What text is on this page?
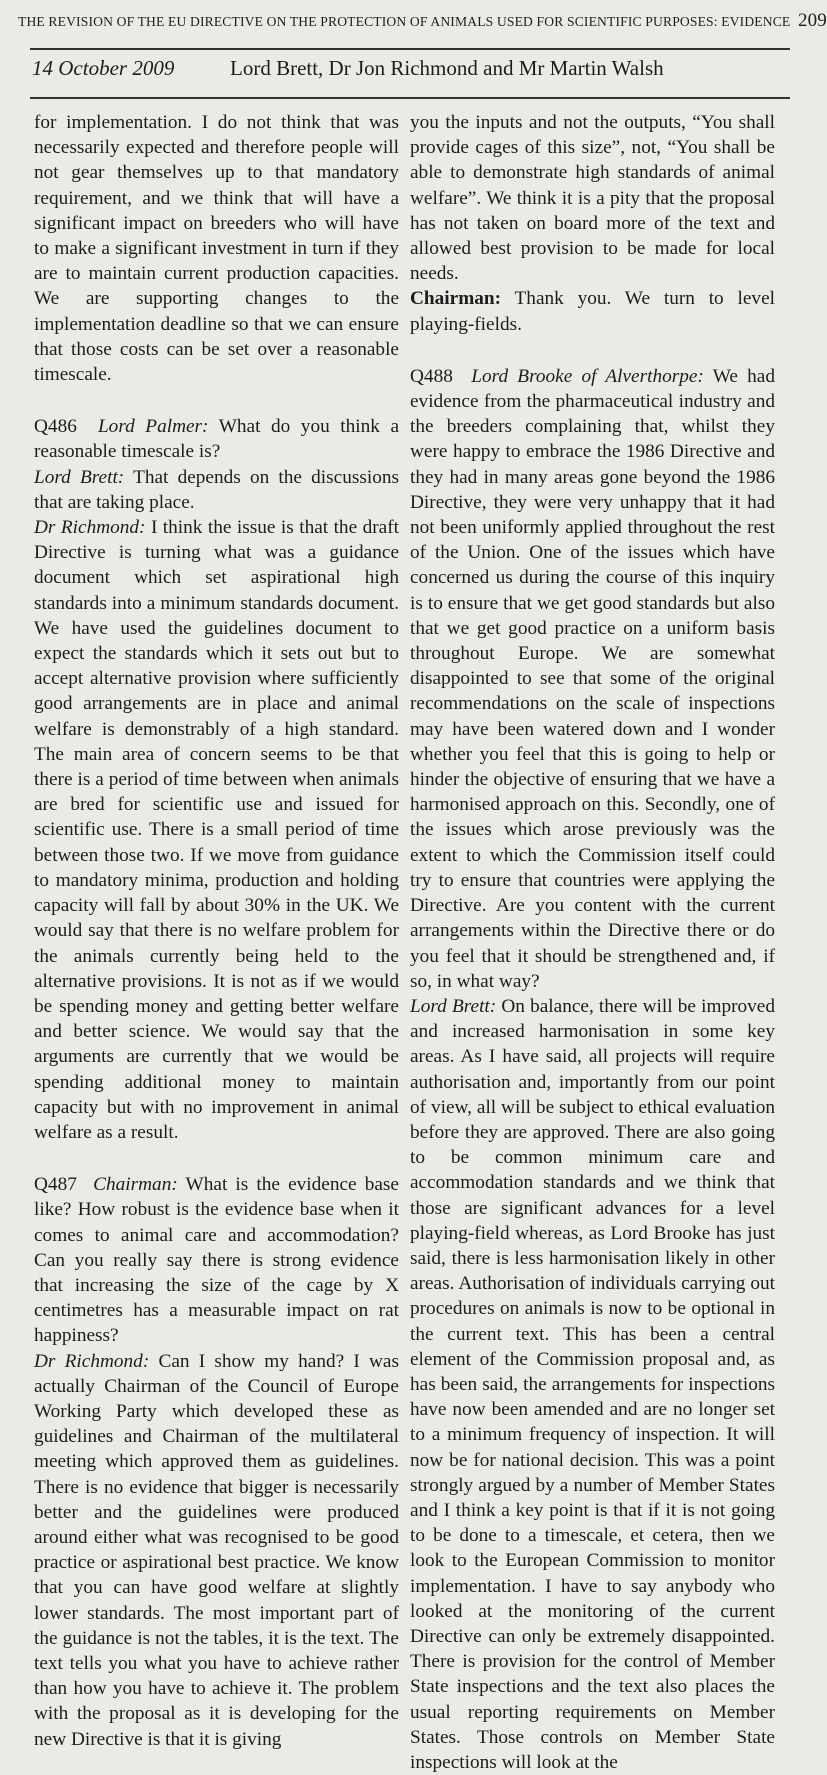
THE REVISION OF THE EU DIRECTIVE ON THE PROTECTION OF ANIMALS USED FOR SCIENTIFIC PURPOSES: EVIDENCE 209
14 October 2009	Lord Brett, Dr Jon Richmond and Mr Martin Walsh

for implementation. I do not think that was necessarily expected and therefore people will not gear themselves up to that mandatory requirement, and we think that will have a significant impact on breeders who will have to make a significant investment in turn if they are to maintain current production capacities. We are supporting changes to the implementation deadline so that we can ensure that those costs can be set over a reasonable timescale.

Q486 Lord Palmer: What do you think a reasonable timescale is?

Lord Brett: That depends on the discussions that are taking place.

Dr Richmond: I think the issue is that the draft Directive is turning what was a guidance document which set aspirational high standards into a minimum standards document. We have used the guidelines document to expect the standards which it sets out but to accept alternative provision where sufficiently good arrangements are in place and animal welfare is demonstrably of a high standard. The main area of concern seems to be that there is a period of time between when animals are bred for scientific use and issued for scientific use. There is a small period of time between those two. If we move from guidance to mandatory minima, production and holding capacity will fall by about 30% in the UK. We would say that there is no welfare problem for the animals currently being held to the alternative provisions. It is not as if we would be spending money and getting better welfare and better science. We would say that the arguments are currently that we would be spending additional money to maintain capacity but with no improvement in animal welfare as a result.

Q487 Chairman: What is the evidence base like? How robust is the evidence base when it comes to animal care and accommodation? Can you really say there is strong evidence that increasing the size of the cage by X centimetres has a measurable impact on rat happiness?

Dr Richmond: Can I show my hand? I was actually Chairman of the Council of Europe Working Party which developed these as guidelines and Chairman of the multilateral meeting which approved them as guidelines. There is no evidence that bigger is necessarily better and the guidelines were produced around either what was recognised to be good practice or aspirational best practice. We know that you can have good welfare at slightly lower standards. The most important part of the guidance is not the tables, it is the text. The text tells you what you have to achieve rather than how you have to achieve it. The problem with the proposal as it is developing for the new Directive is that it is giving

you the inputs and not the outputs, “You shall provide cages of this size”, not, “You shall be able to demonstrate high standards of animal welfare”. We think it is a pity that the proposal has not taken on board more of the text and allowed best provision to be made for local needs.

Chairman: Thank you. We turn to level playing-fields.

Q488 Lord Brooke of Alverthorpe: We had evidence from the pharmaceutical industry and the breeders complaining that, whilst they were happy to embrace the 1986 Directive and they had in many areas gone beyond the 1986 Directive, they were very unhappy that it had not been uniformly applied throughout the rest of the Union. One of the issues which have concerned us during the course of this inquiry is to ensure that we get good standards but also that we get good practice on a uniform basis throughout Europe. We are somewhat disappointed to see that some of the original recommendations on the scale of inspections may have been watered down and I wonder whether you feel that this is going to help or hinder the objective of ensuring that we have a harmonised approach on this. Secondly, one of the issues which arose previously was the extent to which the Commission itself could try to ensure that countries were applying the Directive. Are you content with the current arrangements within the Directive there or do you feel that it should be strengthened and, if so, in what way?

Lord Brett: On balance, there will be improved and increased harmonisation in some key areas. As I have said, all projects will require authorisation and, importantly from our point of view, all will be subject to ethical evaluation before they are approved. There are also going to be common minimum care and accommodation standards and we think that those are significant advances for a level playing-field whereas, as Lord Brooke has just said, there is less harmonisation likely in other areas. Authorisation of individuals carrying out procedures on animals is now to be optional in the current text. This has been a central element of the Commission proposal and, as has been said, the arrangements for inspections have now been amended and are no longer set to a minimum frequency of inspection. It will now be for national decision. This was a point strongly argued by a number of Member States and I think a key point is that if it is not going to be done to a timescale, et cetera, then we look to the European Commission to monitor implementation. I have to say anybody who looked at the monitoring of the current Directive can only be extremely disappointed. There is provision for the control of Member State inspections and the text also places the usual reporting requirements on Member States. Those controls on Member State inspections will look at the
